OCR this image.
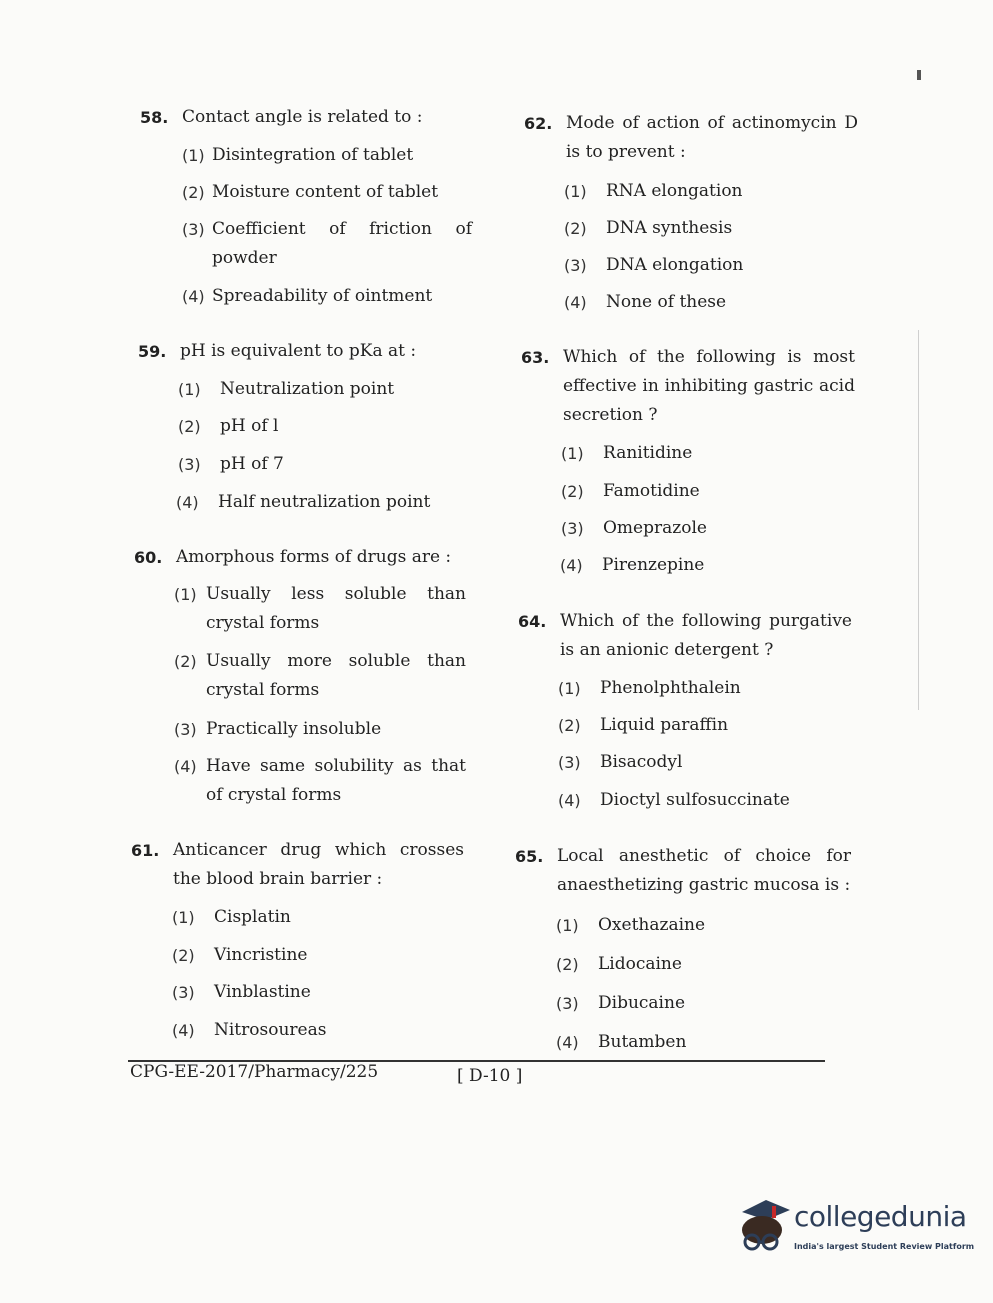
58. Contact angle is related to :
(1) Disintegration of tablet
(2) Moisture content of tablet
(3) Coefficient of friction of powder
(4) Spreadability of ointment
59. pH is equivalent to pKa at :
(1) Neutralization point
(2) pH of l
(3) pH of 7
(4) Half neutralization point
60. Amorphous forms of drugs are :
(1) Usually less soluble than crystal forms
(2) Usually more soluble than crystal forms
(3) Practically insoluble
(4) Have same solubility as that of crystal forms
61. Anticancer drug which crosses the blood brain barrier :
(1) Cisplatin
(2) Vincristine
(3) Vinblastine
(4) Nitrosoureas
62. Mode of action of actinomycin D is to prevent :
(1) RNA elongation
(2) DNA synthesis
(3) DNA elongation
(4) None of these
63. Which of the following is most effective in inhibiting gastric acid secretion ?
(1) Ranitidine
(2) Famotidine
(3) Omeprazole
(4) Pirenzepine
64. Which of the following purgative is an anionic detergent ?
(1) Phenolphthalein
(2) Liquid paraffin
(3) Bisacodyl
(4) Dioctyl sulfosuccinate
65. Local anesthetic of choice for anaesthetizing gastric mucosa is :
(1) Oxethazaine
(2) Lidocaine
(3) Dibucaine
(4) Butamben
CPG-EE-2017/Pharmacy/225	[ D-10 ]
collegedunia
India's largest Student Review Platform
